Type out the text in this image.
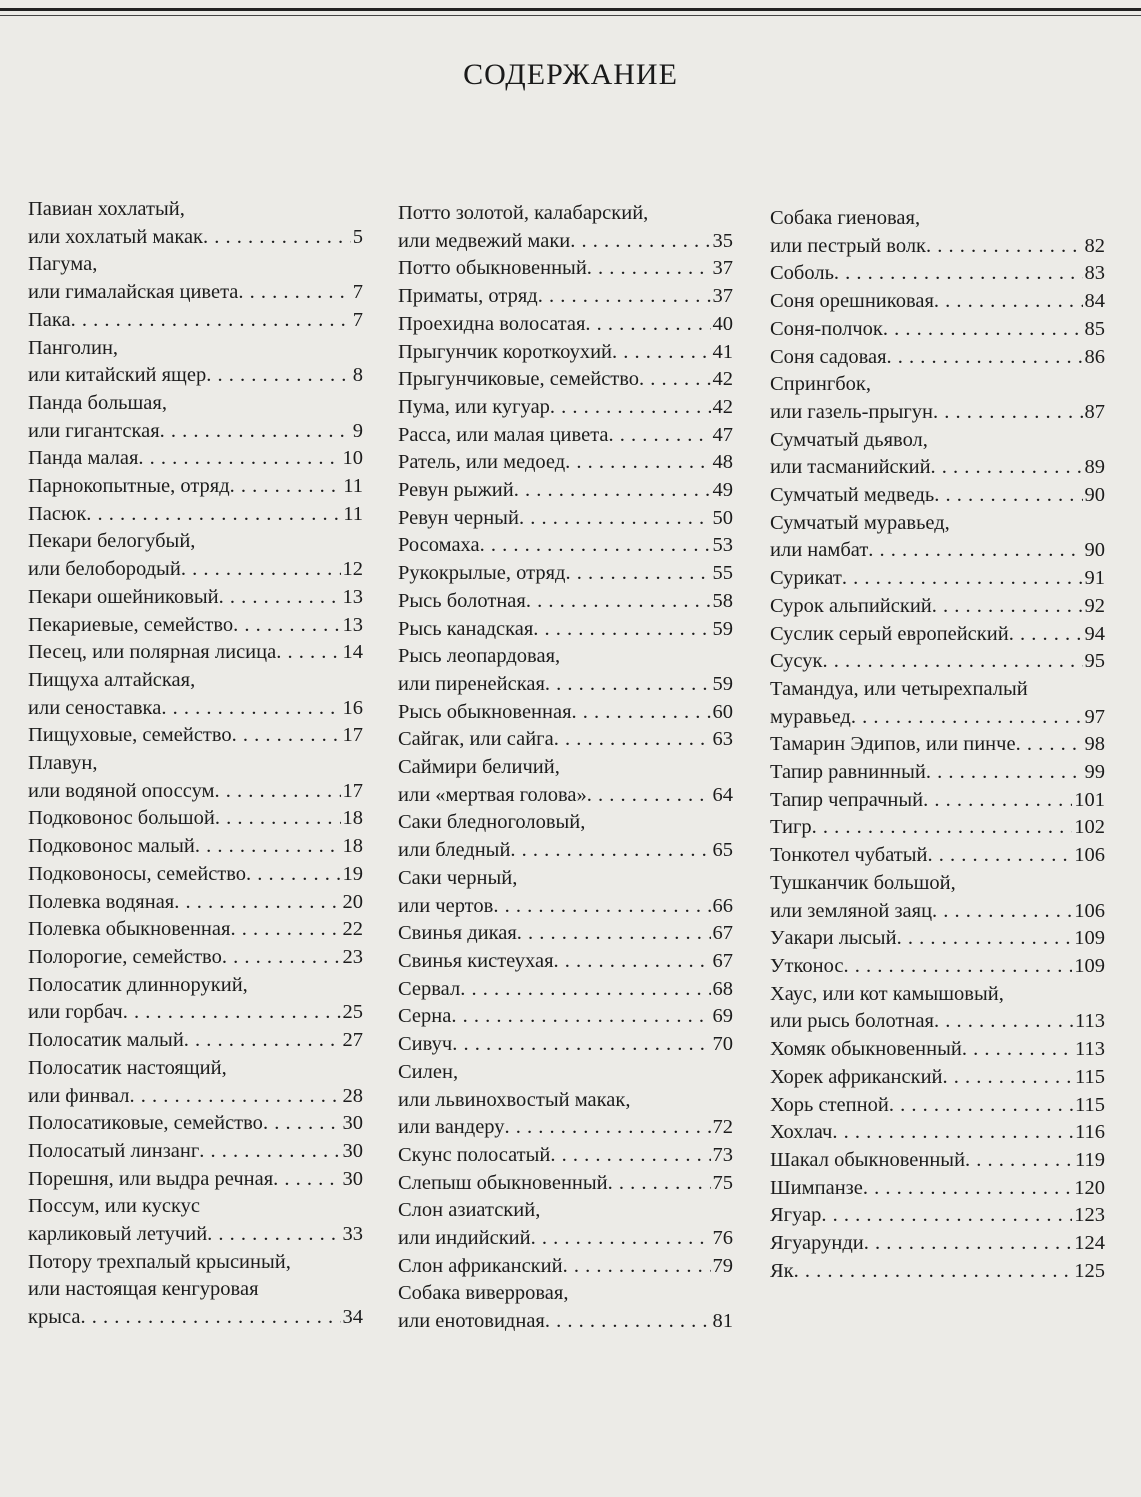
СОДЕРЖАНИЕ
Павиан хохлатый,
или хохлатый макак . . .	5
Пагума,
или гималайская цивета . . .	7
Пака . . .	7
Панголин,
или китайский ящер . . .	8
Панда большая,
или гигантская . . .	9
Панда малая . . .	10
Парнокопытные, отряд . . .	11
Пасюк . . .	11
Пекари белогубый,
или белобородый . . .	12
Пекари ошейниковый . . .	13
Пекариевые, семейство . . .	13
Песец, или полярная лисица . . .	14
Пищуха алтайская,
или сеноставка . . .	16
Пищуховые, семейство . . .	17
Плавун,
или водяной опоссум . . .	17
Подковонос большой . . .	18
Подковонос малый . . .	18
Подковоносы, семейство . . .	19
Полевка водяная . . .	20
Полевка обыкновенная . . .	22
Полорогие, семейство . . .	23
Полосатик длиннорукий,
или горбач . . .	25
Полосатик малый . . .	27
Полосатик настоящий,
или финвал . . .	28
Полосатиковые, семейство . . .	30
Полосатый линзанг . . .	30
Порешня, или выдра речная . . .	30
Поссум, или кускус
карликовый летучий . . .	33
Потору трехпалый крысиный,
или настоящая кенгуровая
крыса . . .	34
Потто золотой, калабарский,
или медвежий маки . . .	35
Потто обыкновенный . . .	37
Приматы, отряд . . .	37
Проехидна волосатая . . .	40
Прыгунчик короткоухий . . .	41
Прыгунчиковые, семейство . . .	42
Пума, или кугуар . . .	42
Расса, или малая цивета . . .	47
Ратель, или медоед . . .	48
Ревун рыжий . . .	49
Ревун черный . . .	50
Росомаха . . .	53
Рукокрылые, отряд . . .	55
Рысь болотная . . .	58
Рысь канадская . . .	59
Рысь леопардовая,
или пиренейская . . .	59
Рысь обыкновенная . . .	60
Сайгак, или сайга . . .	63
Саймири беличий,
или «мертвая голова» . . .	64
Саки бледноголовый,
или бледный . . .	65
Саки черный,
или чертов . . .	66
Свинья дикая . . .	67
Свинья кистеухая . . .	67
Сервал . . .	68
Серна . . .	69
Сивуч . . .	70
Силен,
или львинохвостый макак,
или вандеру . . .	72
Скунс полосатый . . .	73
Слепыш обыкновенный . . .	75
Слон азиатский,
или индийский . . .	76
Слон африканский . . .	79
Собака виверровая,
или енотовидная . . .	81
Собака гиеновая,
или пестрый волк . . .	82
Соболь . . .	83
Соня орешниковая . . .	84
Соня-полчок . . .	85
Соня садовая . . .	86
Спрингбок,
или газель-прыгун . . .	87
Сумчатый дьявол,
или тасманийский . . .	89
Сумчатый медведь . . .	90
Сумчатый муравьед,
или намбат . . .	90
Сурикат . . .	91
Сурок альпийский . . .	92
Суслик серый европейский . . .	94
Сусук . . .	95
Тамандуа, или четырехпалый
муравьед . . .	97
Тамарин Эдипов, или пинче . . .	98
Тапир равнинный . . .	99
Тапир чепрачный . . .	101
Тигр . . .	102
Тонкотел чубатый . . .	106
Тушканчик большой,
или земляной заяц . . .	106
Уакари лысый . . .	109
Утконос . . .	109
Хаус, или кот камышовый,
или рысь болотная . . .	113
Хомяк обыкновенный . . .	113
Хорек африканский . . .	115
Хорь степной . . .	115
Хохлач . . .	116
Шакал обыкновенный . . .	119
Шимпанзе . . .	120
Ягуар . . .	123
Ягуарунди . . .	124
Як . . .	125
